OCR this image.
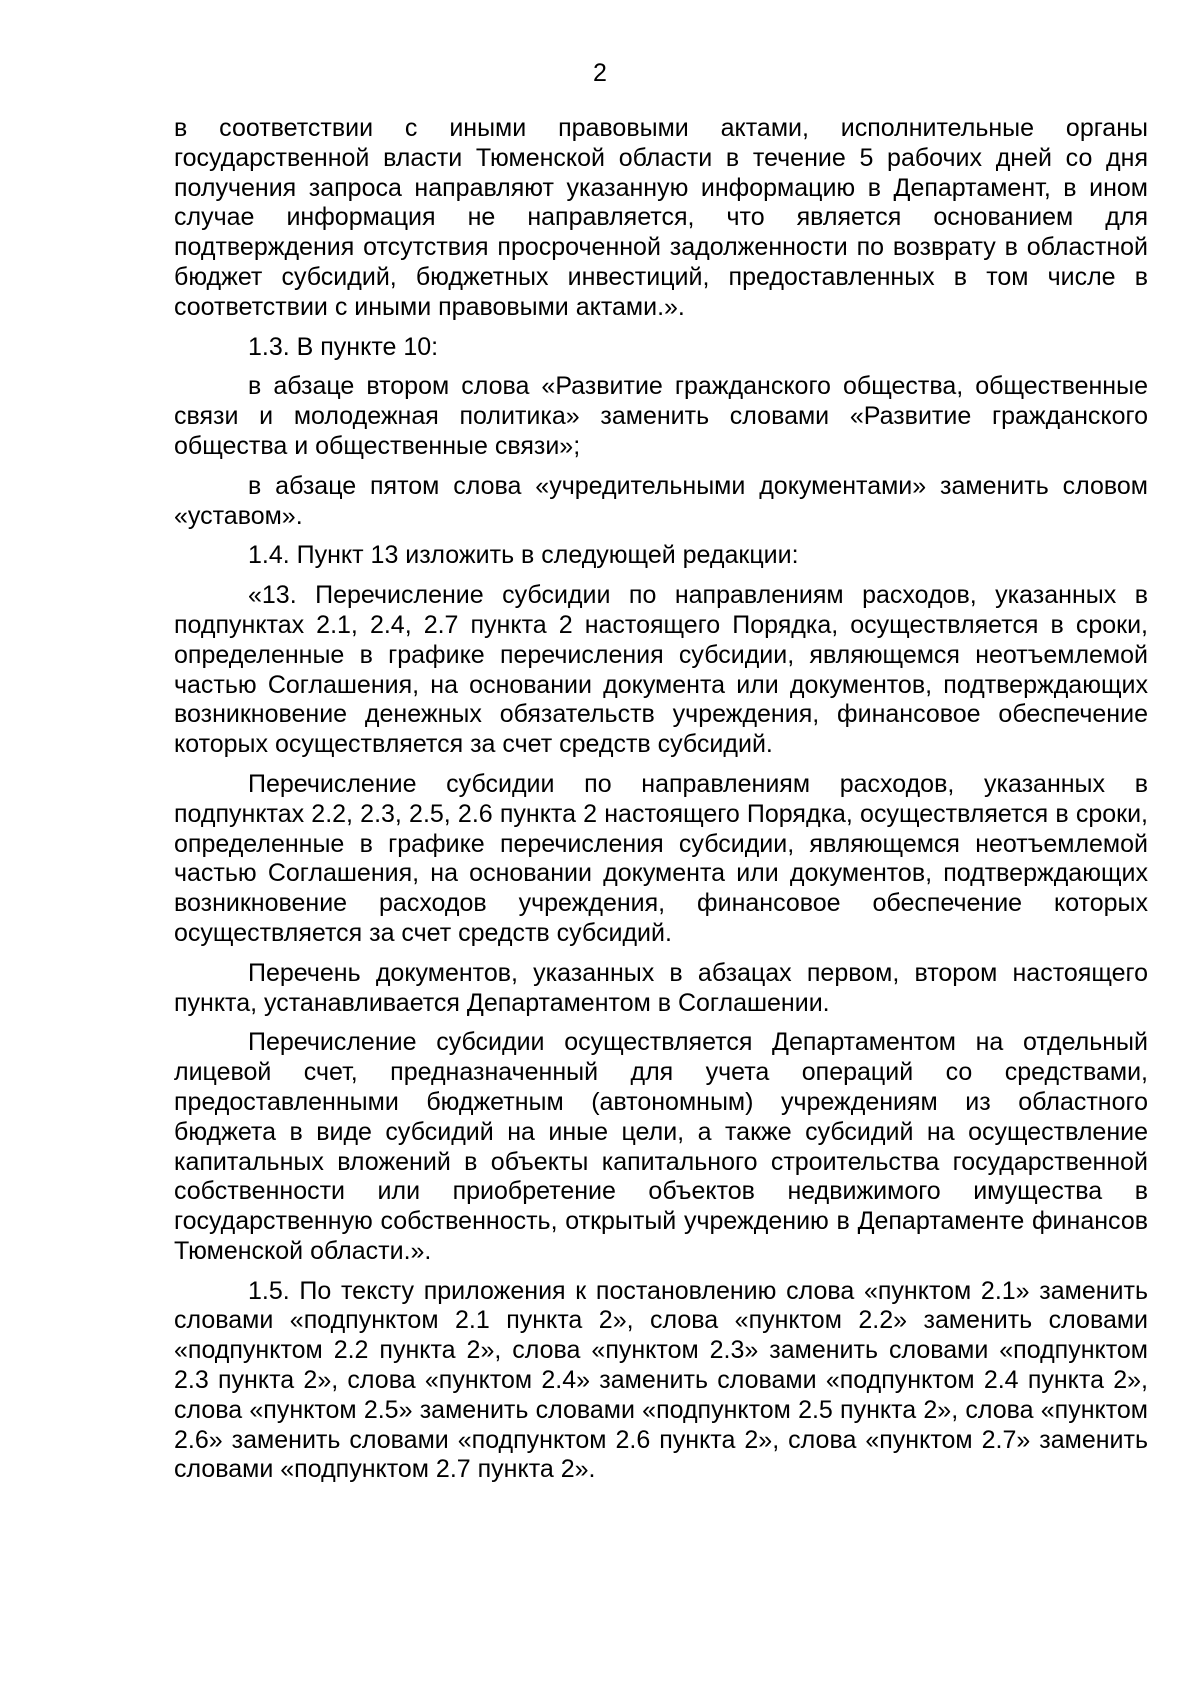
2

в соответствии с иными правовыми актами, исполнительные органы государственной власти Тюменской области в течение 5 рабочих дней со дня получения запроса направляют указанную информацию в Департамент, в ином случае информация не направляется, что является основанием для подтверждения отсутствия просроченной задолженности по возврату в областной бюджет субсидий, бюджетных инвестиций, предоставленных в том числе в соответствии с иными правовыми актами.».

1.3. В пункте 10:

в абзаце втором слова «Развитие гражданского общества, общественные связи и молодежная политика» заменить словами «Развитие гражданского общества и общественные связи»;

в абзаце пятом слова «учредительными документами» заменить словом «уставом».

1.4. Пункт 13 изложить в следующей редакции:

«13. Перечисление субсидии по направлениям расходов, указанных в подпунктах 2.1, 2.4, 2.7 пункта 2 настоящего Порядка, осуществляется в сроки, определенные в графике перечисления субсидии, являющемся неотъемлемой частью Соглашения, на основании документа или документов, подтверждающих возникновение денежных обязательств учреждения, финансовое обеспечение которых осуществляется за счет средств субсидий.

Перечисление субсидии по направлениям расходов, указанных в подпунктах 2.2, 2.3, 2.5, 2.6 пункта 2 настоящего Порядка, осуществляется в сроки, определенные в графике перечисления субсидии, являющемся неотъемлемой частью Соглашения, на основании документа или документов, подтверждающих возникновение расходов учреждения, финансовое обеспечение которых осуществляется за счет средств субсидий.

Перечень документов, указанных в абзацах первом, втором настоящего пункта, устанавливается Департаментом в Соглашении.

Перечисление субсидии осуществляется Департаментом на отдельный лицевой счет, предназначенный для учета операций со средствами, предоставленными бюджетным (автономным) учреждениям из областного бюджета в виде субсидий на иные цели, а также субсидий на осуществление капитальных вложений в объекты капитального строительства государственной собственности или приобретение объектов недвижимого имущества в государственную собственность, открытый учреждению в Департаменте финансов Тюменской области.».

1.5. По тексту приложения к постановлению слова «пунктом 2.1» заменить словами «подпунктом 2.1 пункта 2», слова «пунктом 2.2» заменить словами «подпунктом 2.2 пункта 2», слова «пунктом 2.3» заменить словами «подпунктом 2.3 пункта 2», слова «пунктом 2.4» заменить словами «подпунктом 2.4 пункта 2», слова «пунктом 2.5» заменить словами «подпунктом 2.5 пункта 2», слова «пунктом 2.6» заменить словами «подпунктом 2.6 пункта 2», слова «пунктом 2.7» заменить словами «подпунктом 2.7 пункта 2».
